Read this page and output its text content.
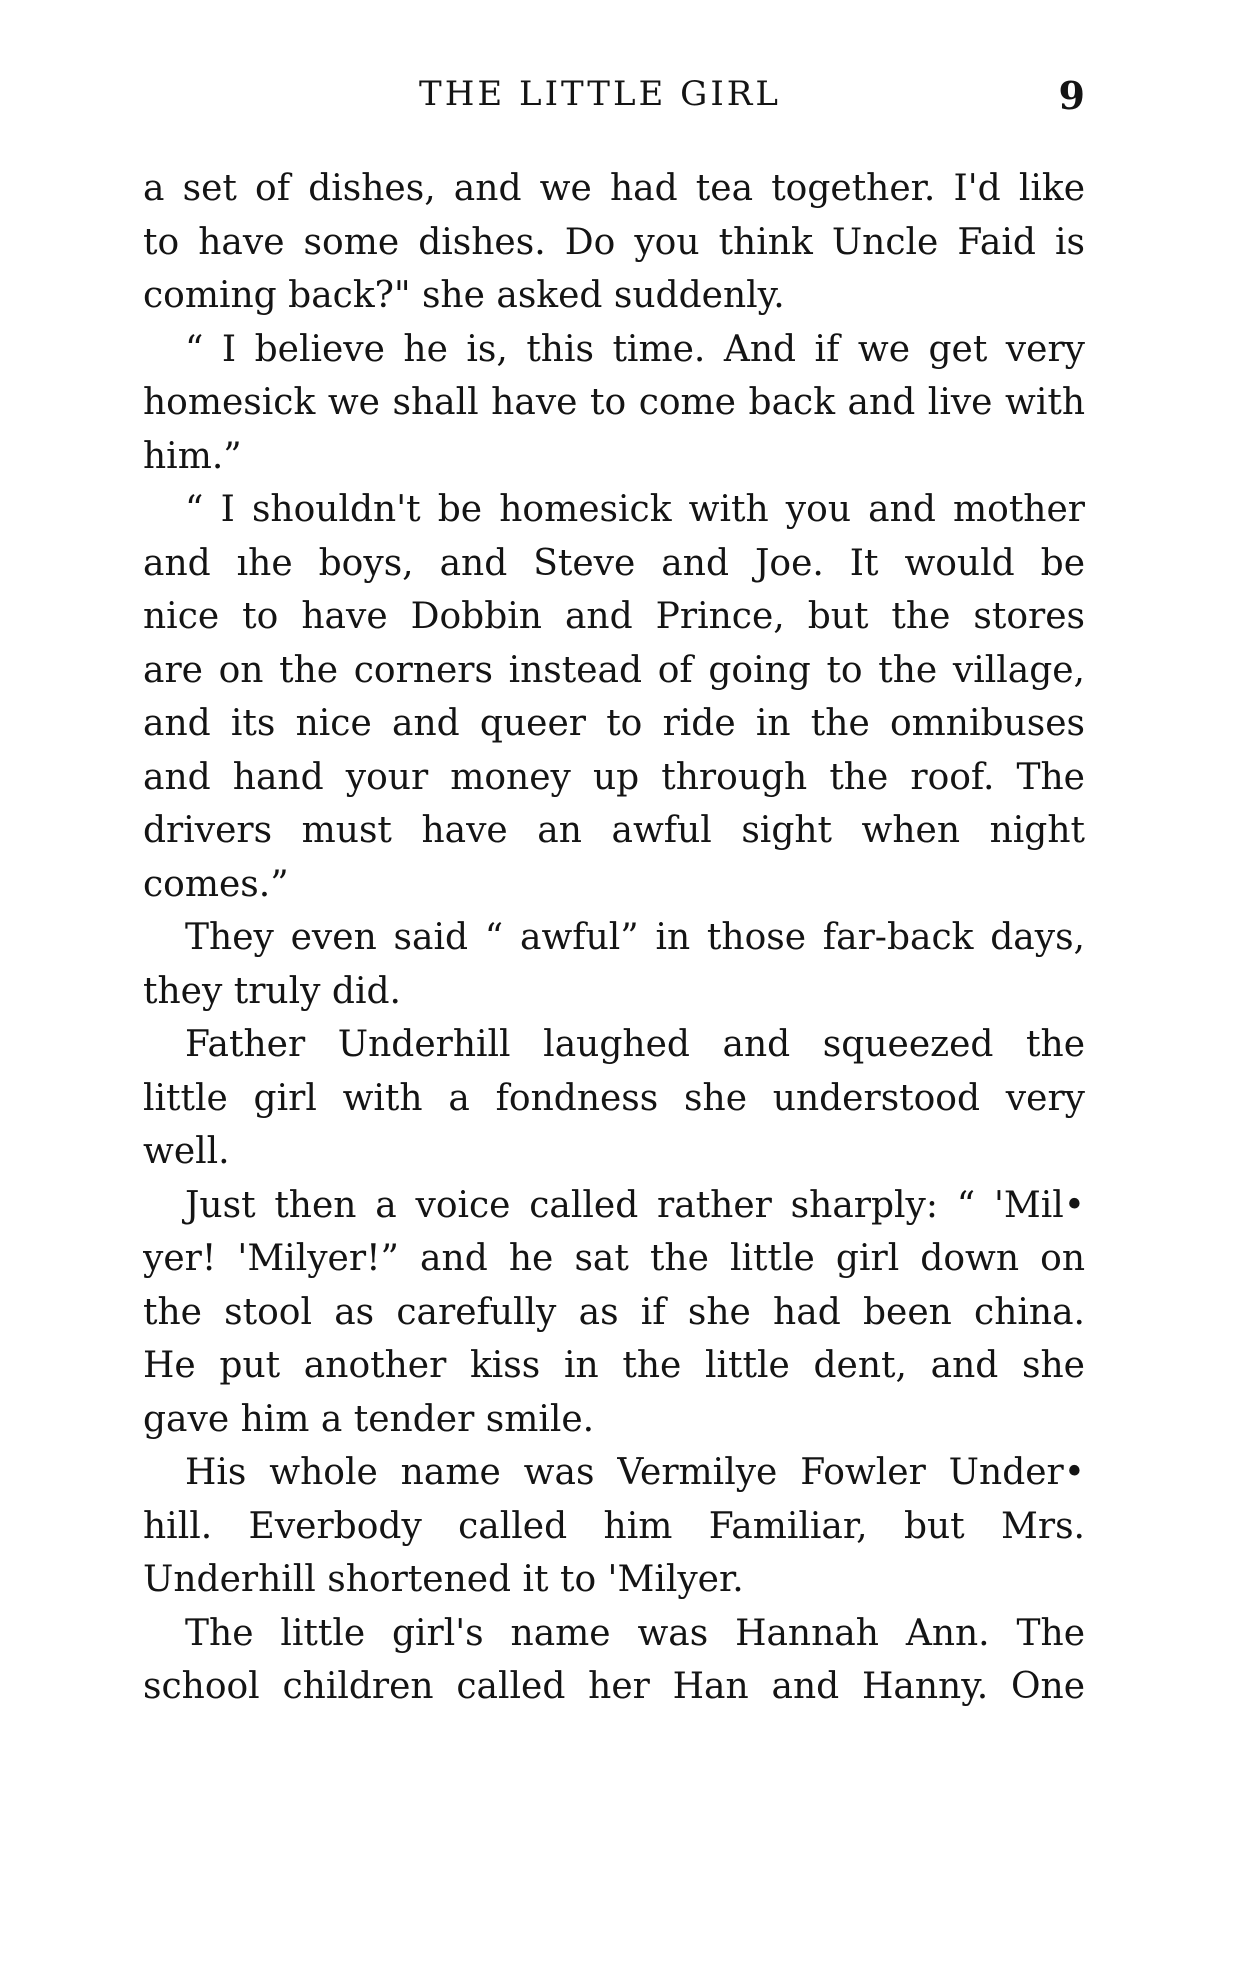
THE LITTLE GIRL	9
a set of dishes, and we had tea together. I'd like
to have some dishes. Do you think Uncle Faid is
coming back?" she asked suddenly.
“ I believe he is, this time. And if we get very
homesick we shall have to come back and live with
him.”
“ I shouldn't be homesick with you and mother
and ıhe boys, and Steve and Joe. It would be
nice to have Dobbin and Prince, but the stores
are on the corners instead of going to the village,
and its nice and queer to ride in the omnibuses
and hand your money up through the roof. The
drivers must have an awful sight when night
comes.”
They even said “ awful” in those far-back days,
they truly did.
Father Underhill laughed and squeezed the
little girl with a fondness she understood very
well.
Just then a voice called rather sharply: “ 'Mil•
yer! 'Milyer!” and he sat the little girl down on
the stool as carefully as if she had been china.
He put another kiss in the little dent, and she
gave him a tender smile.
His whole name was Vermilye Fowler Under•
hill. Everbody called him Familiar, but Mrs.
Underhill shortened it to 'Milyer.
The little girl's name was Hannah Ann. The
school children called her Han and Hanny. One
